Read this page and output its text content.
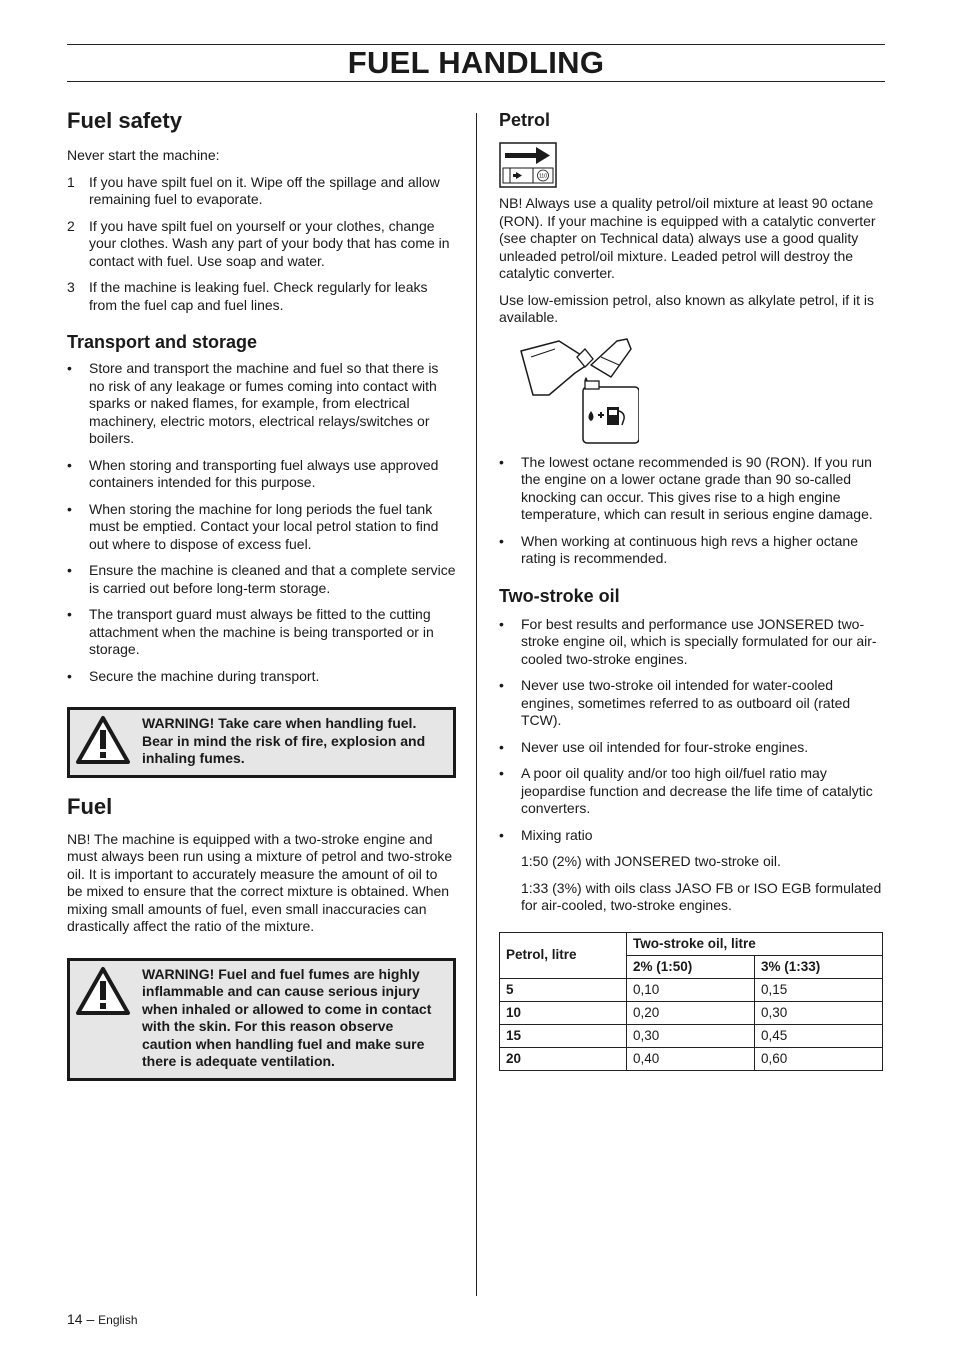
FUEL HANDLING
Fuel safety

Never start the machine:

1 If you have spilt fuel on it. Wipe off the spillage and allow remaining fuel to evaporate.
2 If you have spilt fuel on yourself or your clothes, change your clothes. Wash any part of your body that has come in contact with fuel. Use soap and water.
3 If the machine is leaking fuel. Check regularly for leaks from the fuel cap and fuel lines.
Transport and storage
• Store and transport the machine and fuel so that there is no risk of any leakage or fumes coming into contact with sparks or naked flames, for example, from electrical machinery, electric motors, electrical relays/switches or boilers.
• When storing and transporting fuel always use approved containers intended for this purpose.
• When storing the machine for long periods the fuel tank must be emptied. Contact your local petrol station to find out where to dispose of excess fuel.
• Ensure the machine is cleaned and that a complete service is carried out before long-term storage.
• The transport guard must always be fitted to the cutting attachment when the machine is being transported or in storage.
• Secure the machine during transport.
WARNING! Take care when handling fuel. Bear in mind the risk of fire, explosion and inhaling fumes.
Fuel

NB! The machine is equipped with a two-stroke engine and must always been run using a mixture of petrol and two-stroke oil. It is important to accurately measure the amount of oil to be mixed to ensure that the correct mixture is obtained. When mixing small amounts of fuel, even small inaccuracies can drastically affect the ratio of the mixture.

WARNING! Fuel and fuel fumes are highly inflammable and can cause serious injury when inhaled or allowed to come in contact with the skin. For this reason observe caution when handling fuel and make sure there is adequate ventilation.
Petrol
110

NB! Always use a quality petrol/oil mixture at least 90 octane (RON). If your machine is equipped with a catalytic converter (see chapter on Technical data) always use a good quality unleaded petrol/oil mixture. Leaded petrol will destroy the catalytic converter.

Use low-emission petrol, also known as alkylate petrol, if it is available.

• The lowest octane recommended is 90 (RON). If you run the engine on a lower octane grade than 90 so-called knocking can occur. This gives rise to a high engine temperature, which can result in serious engine damage.
• When working at continuous high revs a higher octane rating is recommended.
Two-stroke oil
• For best results and performance use JONSERED two-stroke engine oil, which is specially formulated for our air-cooled two-stroke engines.
• Never use two-stroke oil intended for water-cooled engines, sometimes referred to as outboard oil (rated TCW).
• Never use oil intended for four-stroke engines.
• A poor oil quality and/or too high oil/fuel ratio may jeopardise function and decrease the life time of catalytic converters.
• Mixing ratio

1:50 (2%) with JONSERED two-stroke oil.

1:33 (3%) with oils class JASO FB or ISO EGB formulated for air-cooled, two-stroke engines.

Petrol, litre	Two-stroke oil, litre	
	2% (1:50)	3% (1:33)
5	0,10	0,15
10	0,20	0,30
15	0,30	0,45
20	0,40	0,60
14 – English
